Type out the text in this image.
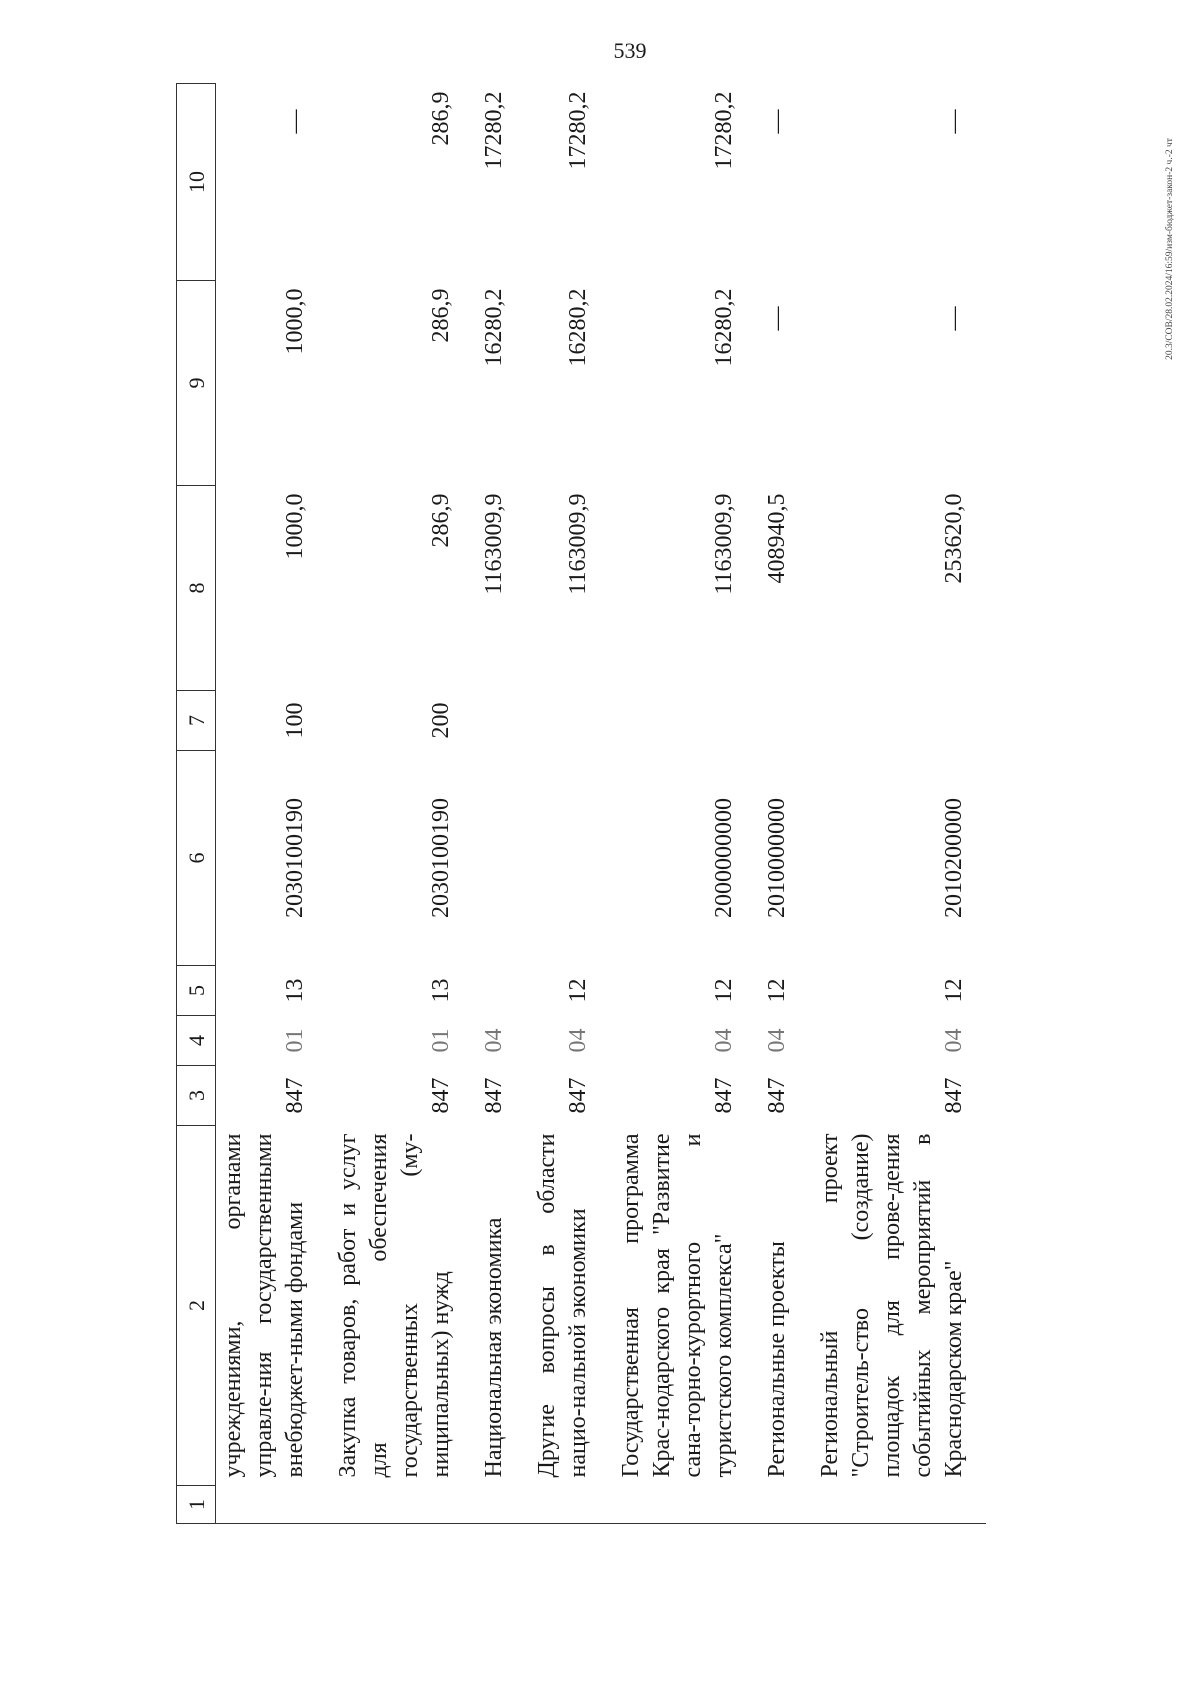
539
20.3/СОВ/28.02.2024/16:59/изм-бюджет-закон-2 ч.-2 чт
1	2	3	4	5	6	7	8	9	10
	учреждениями, органами управле-ния государственными внебюджет-ными фондами	847	01	13	2030100190	100	1000,0	1000,0	—
	Закупка товаров, работ и услуг для обеспечения государственных (му-ниципальных) нужд	847	01	13	2030100190	200	286,9	286,9	286,9
	Национальная экономика	847	04				1163009,9	16280,2	17280,2
	Другие вопросы в области нацио-нальной экономики	847	04	12			1163009,9	16280,2	17280,2
	Государственная программа Крас-нодарского края "Развитие сана-торно-курортного и туристского комплекса"	847	04	12	2000000000		1163009,9	16280,2	17280,2
	Региональные проекты	847	04	12	2010000000		408940,5	—	—
	Региональный проект "Строитель-ство (создание) площадок для прове-дения событийных мероприятий в Краснодарском крае"	847	04	12	2010200000		253620,0	—	—
